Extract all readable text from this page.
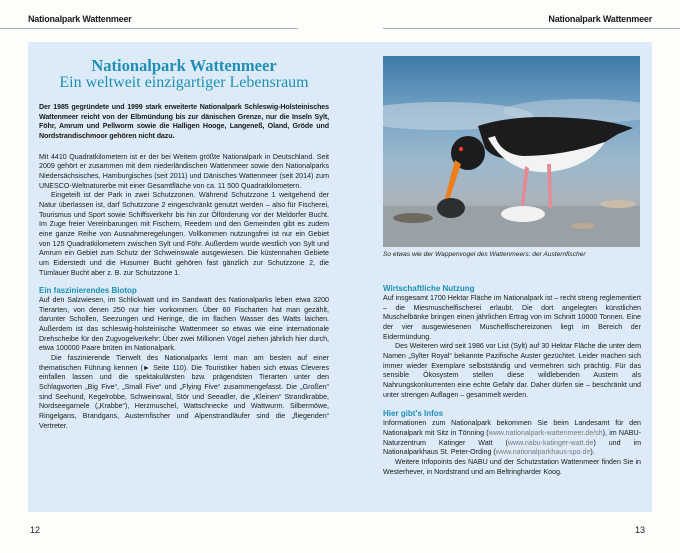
Nationalpark Wattenmeer	Nationalpark Wattenmeer
Nationalpark Wattenmeer
Ein weltweit einzigartiger Lebensraum

Der 1985 gegründete und 1999 stark erweiterte Nationalpark Schleswig-Holsteinisches Wattenmeer reicht von der Elbmündung bis zur dänischen Grenze, nur die Inseln Sylt, Föhr, Amrum und Pellworm sowie die Halligen Hooge, Langeneß, Oland, Gröde und Nordstrandischmoor gehören nicht dazu.

Mit 4410 Quadratkilometern ist er der bei Weitem größte Nationalpark in Deutschland. Seit 2009 gehört er zusammen mit dem niederländischen Wattenmeer sowie den Nationalparks Niedersächsisches, Hamburgisches (seit 2011) und Dänisches Wattenmeer (seit 2014) zum UNESCO-Weltnaturerbe mit einer Gesamtfläche von ca. 11 500 Quadratkilometern.

Eingeteilt ist der Park in zwei Schutzzonen. Während Schutzzone 1 weitgehend der Natur überlassen ist, darf Schutzzone 2 eingeschränkt genutzt werden – also für Fischerei, Tourismus und Sport sowie Schiffsverkehr bis hin zur Ölförderung vor der Meldorfer Bucht. Im Zuge freier Vereinbarungen mit Fischern, Reedern und den Gemeinden gibt es zudem eine ganze Reihe von Ausnahmeregelungen. Vollkommen nutzungsfrei ist nur ein Gebiet von 125 Quadratkilometern zwischen Sylt und Föhr. Außerdem wurde westlich von Sylt und Amrum ein Gebiet zum Schutz der Schweinswale ausgewiesen. Die küstennahen Gebiete um Eiderstedt und die Husumer Bucht gehören fast gänzlich zur Schutzzone 2, die Tümlauer Bucht aber z. B. zur Schutzzone 1.

Ein faszinierendes Biotop

Auf den Salzwiesen, im Schlickwatt und im Sandwatt des Nationalparks leben etwa 3200 Tierarten, von denen 250 nur hier vorkommen. Über 60 Fischarten hat man gezählt, darunter Schollen, Seezungen und Heringe, die im flachen Wasser des Watts laichen. Außerdem ist das schleswig-holsteinische Wattenmeer so etwas wie eine internationale Drehscheibe für den Zugvogelverkehr: Über zwei Millionen Vögel ziehen jährlich hier durch, etwa 100000 Paare brüten im Nationalpark.

Die faszinierende Tierwelt des Nationalparks lernt man am besten auf einer thematischen Führung kennen (► Seite 110). Die Touristiker haben sich etwas Cleveres einfallen lassen und die spektakulärsten bzw. prägendsten Tierarten unter den Schlagworten „Big Five“, „Small Five“ und „Flying Five“ zusammengefasst. Die „Großen“ sind Seehund, Kegelrobbe, Schweinswal, Stör und Seeadler, die „Kleinen“ Strandkrabbe, Nordseegarnele („Krabbe“), Herzmuschel, Wattschnecke und Wattwurm. Silbermöwe, Ringelgans, Brandgans, Austernfischer und Alpenstrandläufer sind die „fliegenden“ Vertreter.

So etwas wie der Wappenvogel des Wattenmeers: der Austernfischer

Wirtschaftliche Nutzung

Auf insgesamt 1700 Hektar Fläche im Nationalpark ist – recht streng reglementiert – die Miesmuschelfischerei erlaubt. Die dort angelegten künstlichen Muschelbänke bringen einen jährlichen Ertrag von im Schnitt 10000 Tonnen. Eine der vier ausgewiesenen Muschelfischereizonen liegt im Bereich der Eidermündung.

Des Weiteren wird seit 1986 vor List (Sylt) auf 30 Hektar Fläche die unter dem Namen „Sylter Royal“ bekannte Pazifische Auster gezüchtet. Leider machen sich immer wieder Exemplare selbstständig und vermehren sich prächtig. Für das sensible Ökosystem stellen diese wildlebenden Austern als Nahrungskonkurrenten eine echte Gefahr dar. Daher dürfen sie – beschränkt und unter strengen Auflagen – gesammelt werden.

Hier gibt's Infos

Informationen zum Nationalpark bekommen Sie beim Landesamt für den Nationalpark mit Sitz in Tönning (www.nationalpark-wattenmeer.de/sh), im NABU-Naturzentrum Katinger Watt (www.nabu-katinger-watt.de) und im Nationalparkhaus St. Peter-Ording (www.nationalparkhaus-spo.de).

Weitere Infopoints des NABU und der Schutzstation Wattenmeer finden Sie in Westerhever, in Nordstrand und am Beltringharder Koog.

12	13
